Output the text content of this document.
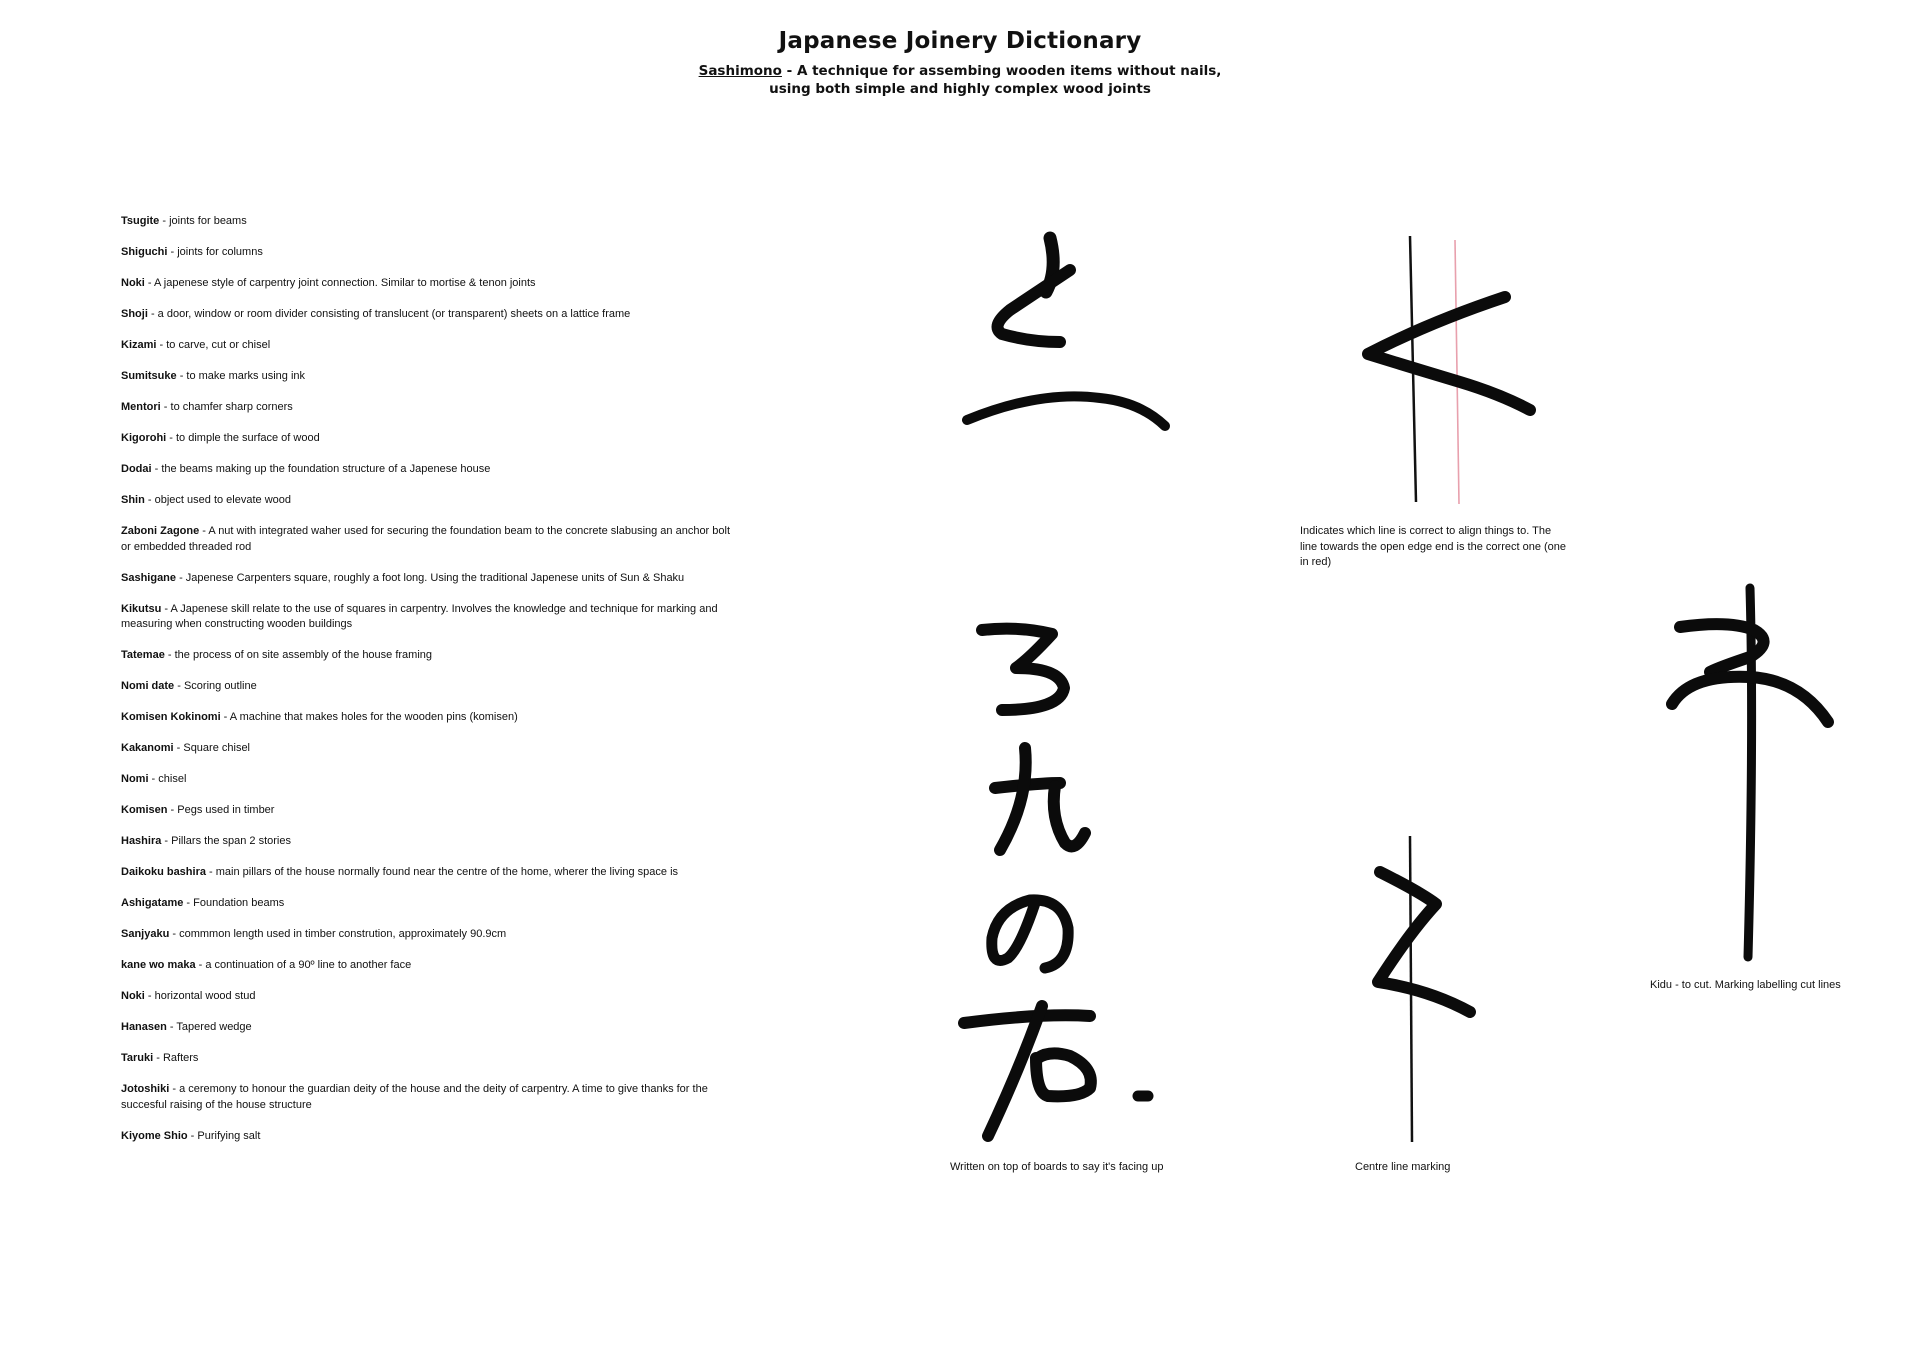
Japanese Joinery Dictionary
Sashimono - A technique for assembing wooden items without nails, using both simple and highly complex wood joints
Tsugite - joints for beams
Shiguchi - joints for columns
Noki - A japenese style of carpentry joint connection. Similar to mortise & tenon joints
Shoji - a door, window or room divider consisting of translucent (or transparent) sheets on a lattice frame
Kizami - to carve, cut or chisel
Sumitsuke - to make marks using ink
Mentori - to chamfer sharp corners
Kigorohi - to dimple the surface of wood
Dodai - the beams making up the foundation structure of a Japenese house
Shin - object used to elevate wood
Zaboni Zagone - A nut with integrated waher used for securing the foundation beam to the concrete slabusing an anchor bolt or embedded threaded rod
Sashigane - Japenese Carpenters square, roughly a foot long. Using the traditional Japenese units of Sun & Shaku
Kikutsu - A Japenese skill relate to the use of squares in carpentry. Involves the knowledge and technique for marking and measuring when constructing wooden buildings
Tatemae - the process of on site assembly of the house framing
Nomi date - Scoring outline
Komisen Kokinomi - A machine that makes holes for the wooden pins (komisen)
Kakanomi - Square chisel
Nomi - chisel
Komisen - Pegs used in timber
Hashira - Pillars the span 2 stories
Daikoku bashira - main pillars of the house normally found near the centre of the home, wherer the living space is
Ashigatame - Foundation beams
Sanjyaku - commmon length used in timber constrution, approximately 90.9cm
kane wo maka - a continuation of a 90º line to another face
Noki - horizontal wood stud
Hanasen - Tapered wedge
Taruki - Rafters
Jotoshiki - a ceremony to honour the guardian deity of the house and the deity of carpentry. A time to give thanks for the succesful raising of the house structure
Kiyome Shio - Purifying salt
Indicates which line is correct to align things to. The line towards the open edge end is the correct one (one in red)
Written on top of boards to say it's facing up	Centre line marking
Kidu - to cut. Marking labelling cut lines
